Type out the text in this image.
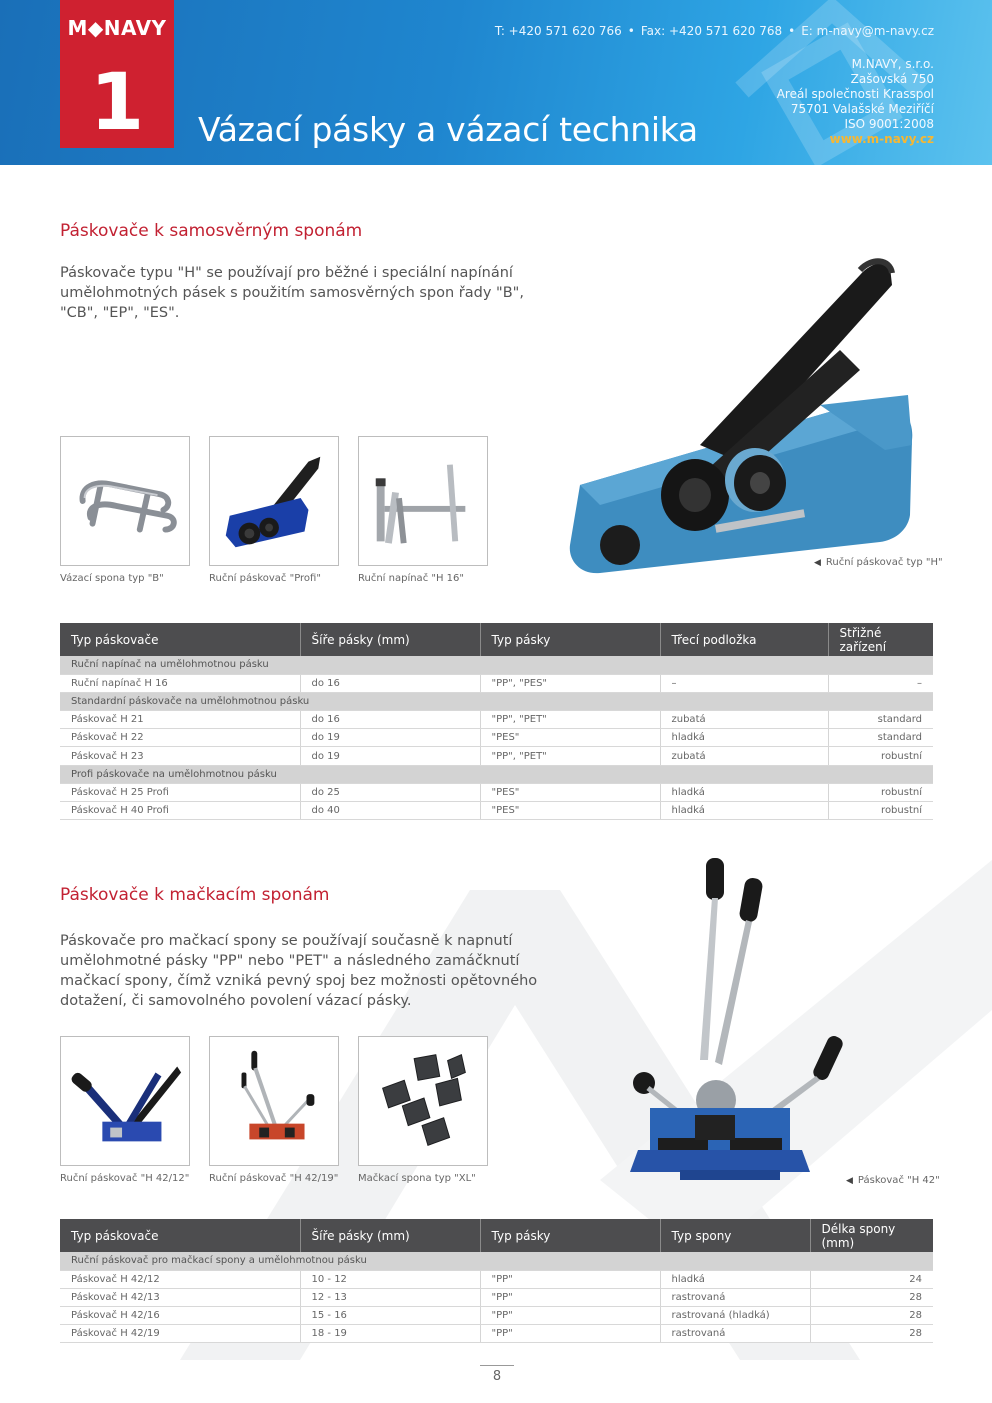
M◆NAVY
1	Vázací pásky a vázací technika
T: +420 571 620 766 • Fax: +420 571 620 768 • E: m-navy@m-navy.cz
M.NAVY, s.r.o.
Zašovská 750
Areál společnosti Krasspol
75701 Valašské Meziříčí
ISO 9001:2008
www.m-navy.cz
Páskovače k samosvěrným sponám
Páskovače typu "H" se používají pro běžné i speciální napínání
umělohmotných pásek s použitím samosvěrných spon řady "B",
"CB", "EP", "ES".
Vázací spona typ "B"	Ruční páskovač "Profi"	Ruční napínač "H 16"
◀ Ruční páskovač typ "H"
Typ páskovače	Šíře pásky (mm)	Typ pásky	Třecí podložka	Střižné zařízení
Ruční napínač na umělohmotnou pásku				
Ruční napínač H 16	do 16	"PP", "PES"	–	–
Standardní páskovače na umělohmotnou pásku				
Páskovač H 21	do 16	"PP", "PET"	zubatá	standard
Páskovač H 22	do 19	"PES"	hladká	standard
Páskovač H 23	do 19	"PP", "PET"	zubatá	robustní
Profi páskovače na umělohmotnou pásku				
Páskovač H 25 Profi	do 25	"PES"	hladká	robustní
Páskovač H 40 Profi	do 40	"PES"	hladká	robustní
Páskovače k mačkacím sponám
Páskovače pro mačkací spony se používají současně k napnutí
umělohmotné pásky "PP" nebo "PET" a následného zamáčknutí
mačkací spony, čímž vzniká pevný spoj bez možnosti opětovného
dotažení, či samovolného povolení vázací pásky.
Ruční páskovač "H 42/12" Ruční páskovač "H 42/19" Mačkací spona typ "XL"	◀ Páskovač "H 42"
Typ páskovače	Šíře pásky (mm)	Typ pásky	Typ spony	Délka spony (mm)
Ruční páskovač pro mačkací spony a umělohmotnou pásku				
Páskovač H 42/12	10 - 12	"PP"	hladká	24
Páskovač H 42/13	12 - 13	"PP"	rastrovaná	28
Páskovač H 42/16	15 - 16	"PP"	rastrovaná (hladká)	28
Páskovač H 42/19	18 - 19	"PP"	rastrovaná	28
8
